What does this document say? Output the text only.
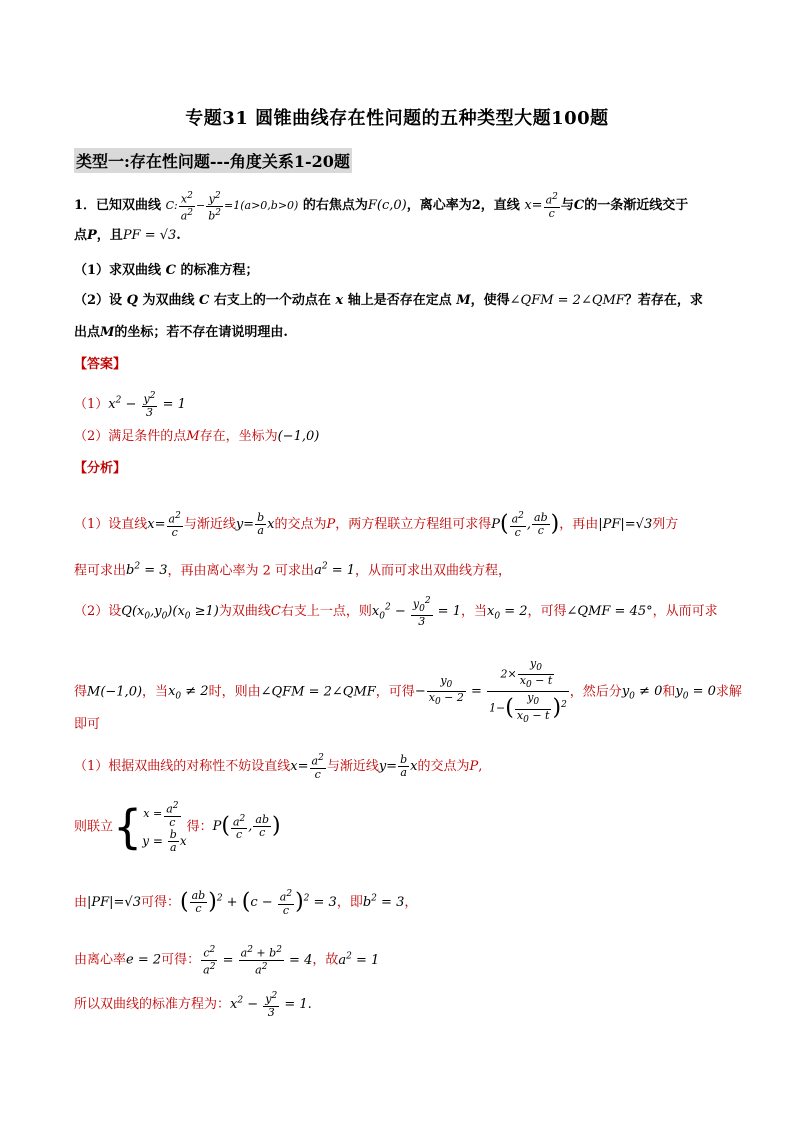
专题31 圆锥曲线存在性问题的五种类型大题100题
类型一:存在性问题---角度关系1-20题
1．已知双曲线 C: $\frac{x^2}{a^2} - \frac{y^2}{b^2} =1(a>0,b>0)$ 的右焦点为F(c,0)，离心率为2，直线 $x= \frac{a^2}{c}$ 与C的一条渐近线交于
点P，且PF = √3.
（1）求双曲线 C 的标准方程；
（2）设 Q 为双曲线 C 右支上的一个动点在 x 轴上是否存在定点 M，使得∠QFM = 2∠QMF？若存在，求
出点M的坐标；若不存在请说明理由.
【答案】
$(1)x^2 - \frac{y^2}{3} = 1$
（2）满足条件的点M存在，坐标为(−1,0)
【分析】
（1）设直线$x= \frac{a^2}{c}$ 与渐近线$y= \frac{b}{a}$ x的交点为P，两方程联立方程组可求得$P( \frac{a^2}{c}$ , $\frac{ab}{c}$ )，再由|PF|=√3列方
程可求出$b^2 = 3$，再由离心率为 2 可求出$a^2 = 1$，从而可求出双曲线方程，
（2）设$Q(x_0,y_0)(x_0 \ge 1)$为双曲线C右支上一点，则$x_0^2 - \frac{y_0^2}{3} = 1$，当$x_0 = 2$，可得∠QMF = 45°，从而可求
得M(−1,0)，当$x_0 \ne 2$时，则由∠QFM = 2∠QMF，可得− $\frac{y_0}{x_0 - 2} = \frac{2\times \frac{y_0}{x_0 - t}}{1-( \frac{y_0}{x_0 - t} )^2}$ ，然后分$y_0 \ne 0$和$y_0 = 0$求解
即可
（1）根据双曲线的对称性不妨设直线$x= \frac{a^2}{c}$ 与渐近线$y= \frac{b}{a}$ x的交点为P,
则联立{$x = \frac{a^2}{c}$

$y = \frac{b}{a}$ x得：$P( \frac{a^2}{c}$ , $\frac{ab}{c}$ )
由|PF|=√3可得：( $\frac{ab}{c} )^2 + (c - \frac{a^2}{c} )^2 = 3$，即$b^2 = 3$，
由离心率e = 2可得： $\frac{c^2}{a^2} = \frac{a^2 + b^2}{a^2} = 4$，故$a^2 = 1$
所以双曲线的标准方程为：$x^2 - \frac{y^2}{3} = 1$.
